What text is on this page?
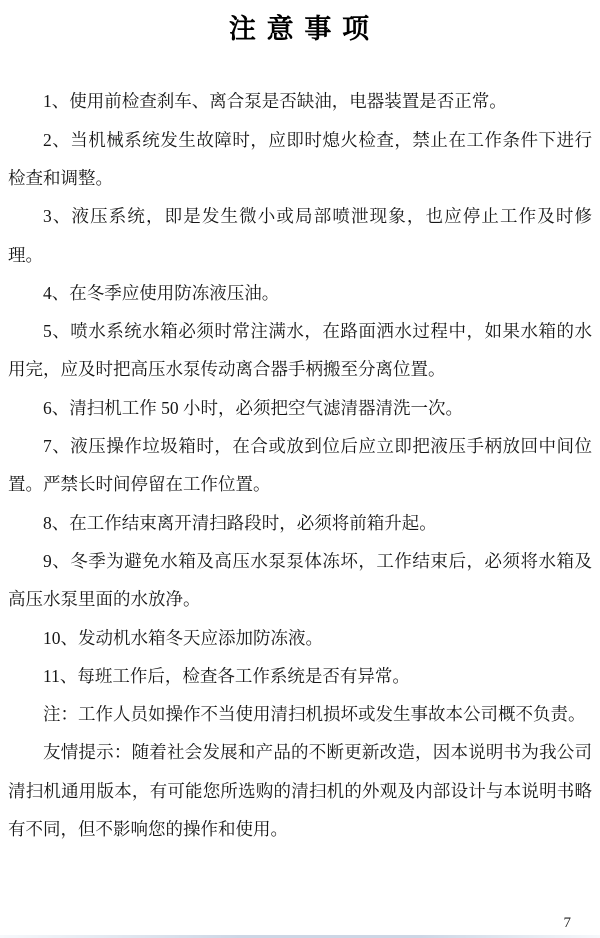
注 意 事 项

1、使用前检查刹车、离合泵是否缺油，电器装置是否正常。

2、当机械系统发生故障时，应即时熄火检查，禁止在工作条件下进行检查和调整。

3、液压系统，即是发生微小或局部喷泄现象，也应停止工作及时修理。

4、在冬季应使用防冻液压油。

5、喷水系统水箱必须时常注满水，在路面洒水过程中，如果水箱的水用完，应及时把高压水泵传动离合器手柄搬至分离位置。

6、清扫机工作 50 小时，必须把空气滤清器清洗一次。

7、液压操作垃圾箱时，在合或放到位后应立即把液压手柄放回中间位置。严禁长时间停留在工作位置。

8、在工作结束离开清扫路段时，必须将前箱升起。

9、冬季为避免水箱及高压水泵泵体冻坏，工作结束后，必须将水箱及高压水泵里面的水放净。

10、发动机水箱冬天应添加防冻液。

11、每班工作后，检查各工作系统是否有异常。

注：工作人员如操作不当使用清扫机损坏或发生事故本公司概不负责。

友情提示：随着社会发展和产品的不断更新改造，因本说明书为我公司清扫机通用版本，有可能您所选购的清扫机的外观及内部设计与本说明书略有不同，但不影响您的操作和使用。

7
